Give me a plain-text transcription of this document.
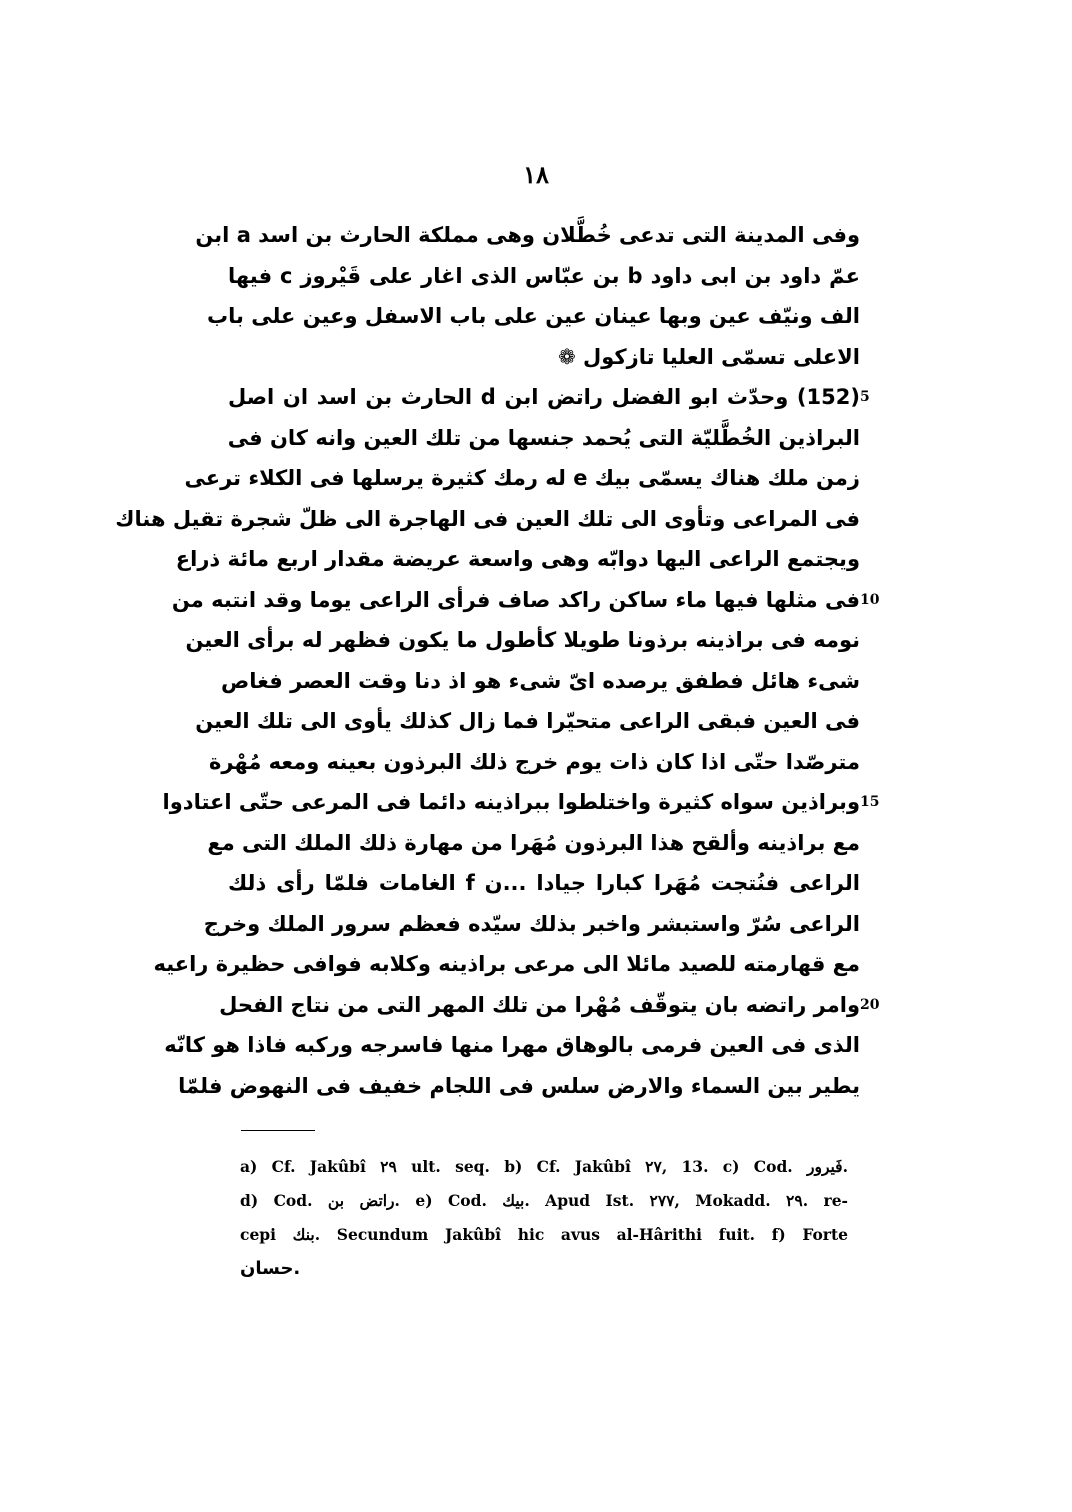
١٨
وفى المدينة التى تدعى خُطَّلان وهى مملكة الحارث بن اسد a ابن
عمّ داود بن ابى داود b بن عبّاس الذى اغار على قَيْروز c فيها
الف ونيّف عين وبها عينان عين على باب الاسفل وعين على باب
الاعلى تسمّى العليا تازكول ❁
(152) وحدّث ابو الفضل راتض ابن d الحارث بن اسد ان اصل 5
البراذين الخُطَّليّة التى يُحمد جنسها من تلك العين وانه كان فى
زمن ملك هناك يسمّى بيك e له رمك كثيرة يرسلها فى الكلاء ترعى
فى المراعى وتأوى الى تلك العين فى الهاجرة الى ظلّ شجرة تقيل هناك
ويجتمع الراعى اليها دوابّه وهى واسعة عريضة مقدار اربع مائة ذراع
فى مثلها فيها ماء ساكن راكد صاف فرأى الراعى يوما وقد انتبه من 10
نومه فى براذينه برذونا طويلا كأطول ما يكون فظهر له برأى العين
شىء هائل فطفق يرصده اىّ شىء هو اذ دنا وقت العصر فغاص
فى العين فبقى الراعى متحيّرا فما زال كذلك يأوى الى تلك العين
مترصّدا حتّى اذا كان ذات يوم خرج ذلك البرذون بعينه ومعه مُهْرة
وبراذين سواه كثيرة واختلطوا ببراذينه دائما فى المرعى حتّى اعتادوا 15
مع براذينه وألقح هذا البرذون مُهَرا من مهارة ذلك الملك التى مع
الراعى فنُتجت مُهَرا كبارا جيادا ...ن f الغامات فلمّا رأى ذلك
الراعى سُرّ واستبشر واخبر بذلك سيّده فعظم سرور الملك وخرج
مع قهارمته للصيد مائلا الى مرعى براذينه وكلابه فوافى حظيرة راعيه
وامر راتضه بان يتوقّف مُهْرا من تلك المهر التى من نتاج الفحل 20
الذى فى العين فرمى بالوهاق مهرا منها فاسرجه وركبه فاذا هو كانّه
يطير بين السماء والارض سلس فى اللجام خفيف فى النهوض فلمّا
a) Cf. Jakûbî ۲۹ ult. seq. b) Cf. Jakûbî ۲۷, 13. c) Cod. فَيرور.
d) Cod. راتض بن. e) Cod. بيك. Apud Ist. ۲۷۷, Mokadd. ۲۹. re-
cepi بنك. Secundum Jakûbî hic avus al-Hârithi fuit. f) Forte
حسان.
